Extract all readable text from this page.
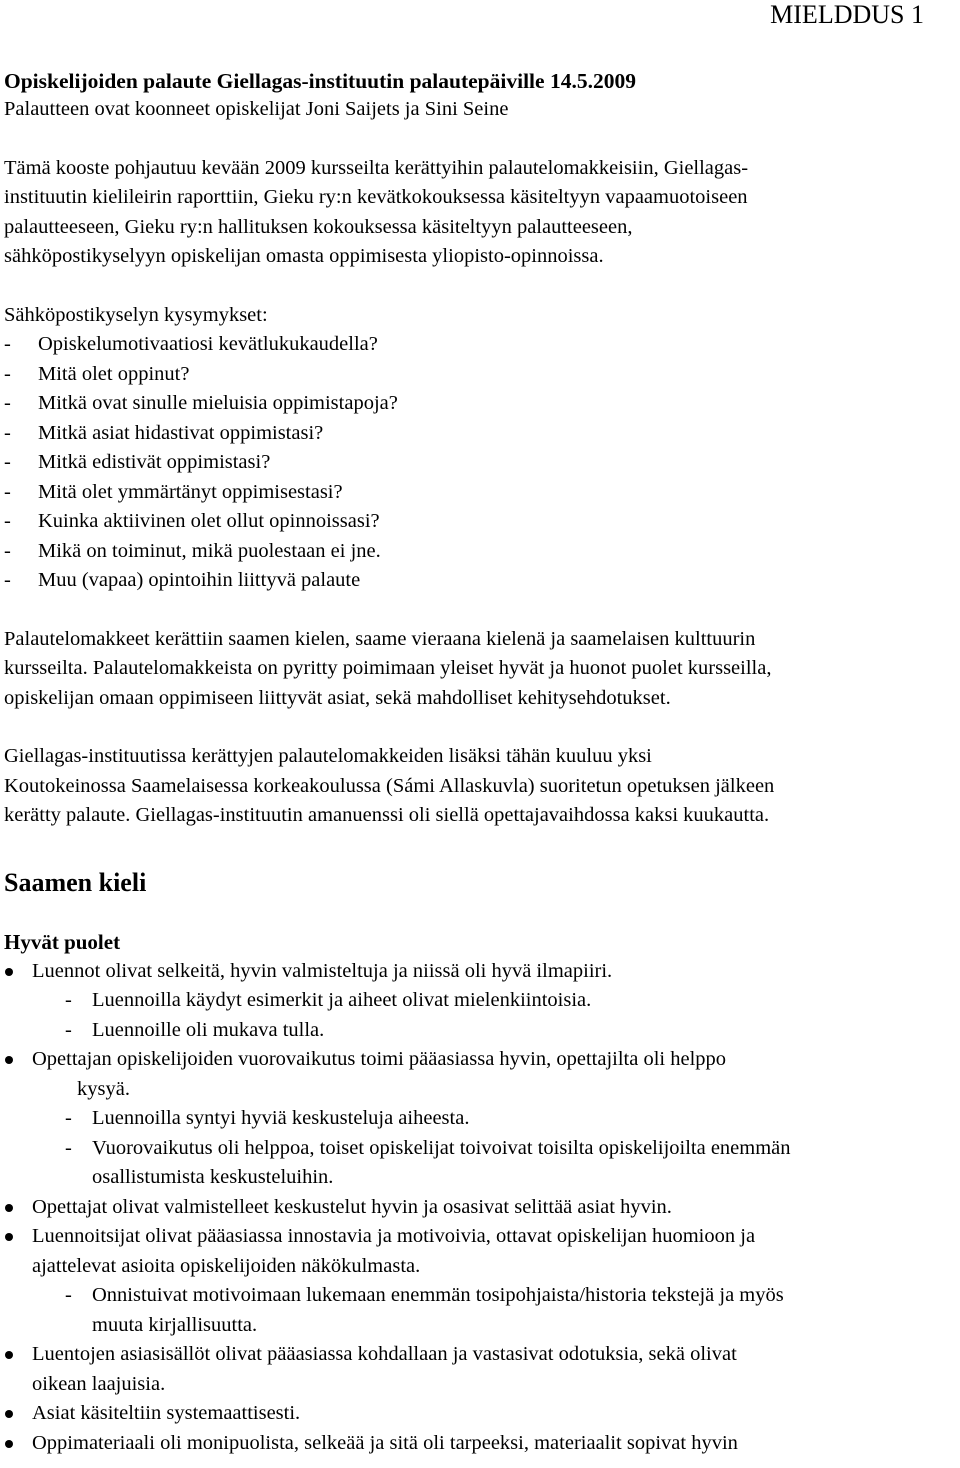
MIELDDUS 1

Opiskelijoiden palaute Giellagas-instituutin palautepäiville 14.5.2009

Palautteen ovat koonneet opiskelijat Joni Saijets ja Sini Seine

Tämä kooste pohjautuu kevään 2009 kursseilta kerättyihin palautelomakkeisiin, Giellagas-
instituutin kielileirin raporttiin, Gieku ry:n kevätkokouksessa käsiteltyyn vapaamuotoiseen
palautteeseen, Gieku ry:n hallituksen kokouksessa käsiteltyyn palautteeseen,
sähköpostikyselyyn opiskelijan omasta oppimisesta yliopisto-opinnoissa.

Sähköpostikyselyn kysymykset:

- Opiskelumotivaatiosi kevätlukukaudella?
- Mitä olet oppinut?
- Mitkä ovat sinulle mieluisia oppimistapoja?
- Mitkä asiat hidastivat oppimistasi?
- Mitkä edistivät oppimistasi?
- Mitä olet ymmärtänyt oppimisestasi?
- Kuinka aktiivinen olet ollut opinnoissasi?
- Mikä on toiminut, mikä puolestaan ei jne.
- Muu (vapaa) opintoihin liittyvä palaute
Palautelomakkeet kerättiin saamen kielen, saame vieraana kielenä ja saamelaisen kulttuurin
kursseilta. Palautelomakkeista on pyritty poimimaan yleiset hyvät ja huonot puolet kursseilla,
opiskelijan omaan oppimiseen liittyvät asiat, sekä mahdolliset kehitysehdotukset.
Giellagas-instituutissa kerättyjen palautelomakkeiden lisäksi tähän kuuluu yksi
Koutokeinossa Saamelaisessa korkeakoulussa (Sámi Allaskuvla) suoritetun opetuksen jälkeen
kerätty palaute. Giellagas-instituutin amanuenssi oli siellä opettajavaihdossa kaksi kuukautta.
Saamen kieli
Hyvät puolet
Luennot olivat selkeitä, hyvin valmisteltuja ja niissä oli hyvä ilmapiiri.
- Luennoilla käydyt esimerkit ja aiheet olivat mielenkiintoisia.
- Luennoille oli mukava tulla.
Opettajan opiskelijoiden vuorovaikutus toimi pääasiassa hyvin, opettajilta oli helppo
kysyä.
- Luennoilla syntyi hyviä keskusteluja aiheesta.
- Vuorovaikutus oli helppoa, toiset opiskelijat toivoivat toisilta opiskelijoilta enemmän
osallistumista keskusteluihin.
Opettajat olivat valmistelleet keskustelut hyvin ja osasivat selittää asiat hyvin.
Luennoitsijat olivat pääasiassa innostavia ja motivoivia, ottavat opiskelijan huomioon ja
ajattelevat asioita opiskelijoiden näkökulmasta.
- Onnistuivat motivoimaan lukemaan enemmän tosipohjaista/historia tekstejä ja myös
muuta kirjallisuutta.
Luentojen asiasisällöt olivat pääasiassa kohdallaan ja vastasivat odotuksia, sekä olivat
oikean laajuisia.
Asiat käsiteltiin systemaattisesti.
Oppimateriaali oli monipuolista, selkeää ja sitä oli tarpeeksi, materiaalit sopivat hyvin
